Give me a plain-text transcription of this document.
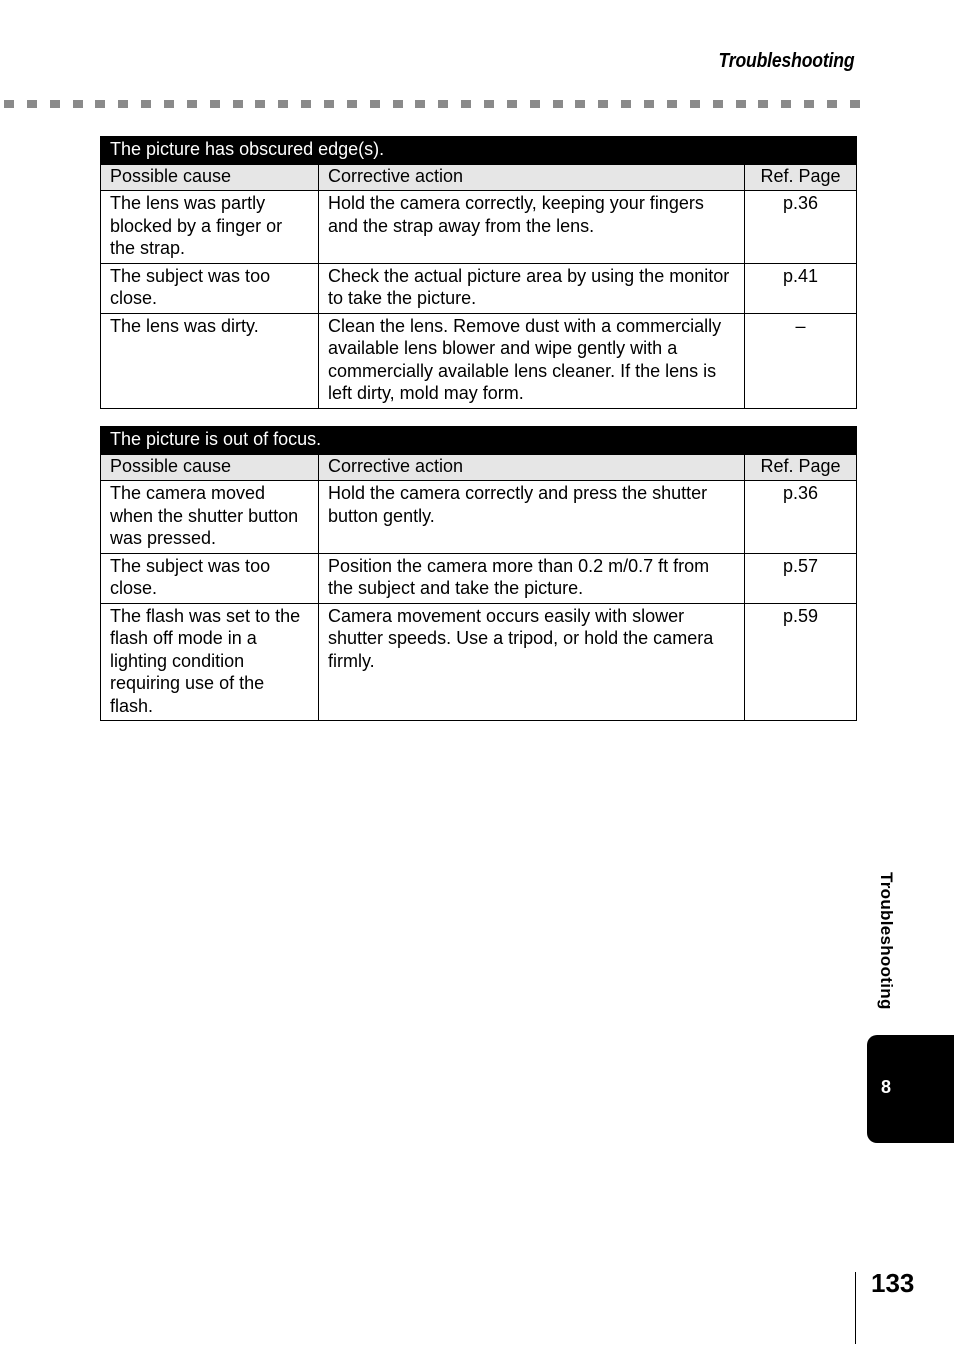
Troubleshooting
The picture has obscured edge(s).		
Possible cause	Corrective action	Ref. Page
The lens was partly blocked by a finger or the strap.	Hold the camera correctly, keeping your fingers and the strap away from the lens.	p.36
The subject was too close.	Check the actual picture area by using the monitor to take the picture.	p.41
The lens was dirty.	Clean the lens. Remove dust with a commercially available lens blower and wipe gently with a commercially available lens cleaner. If the lens is left dirty, mold may form.	–
The picture is out of focus.		
Possible cause	Corrective action	Ref. Page
The camera moved when the shutter button was pressed.	Hold the camera correctly and press the shutter button gently.	p.36
The subject was too close.	Position the camera more than 0.2 m/0.7 ft from the subject and take the picture.	p.57
The flash was set to the flash off mode in a lighting condition requiring use of the flash.	Camera movement occurs easily with slower shutter speeds. Use a tripod, or hold the camera firmly.	p.59
Troubleshooting
8
133
